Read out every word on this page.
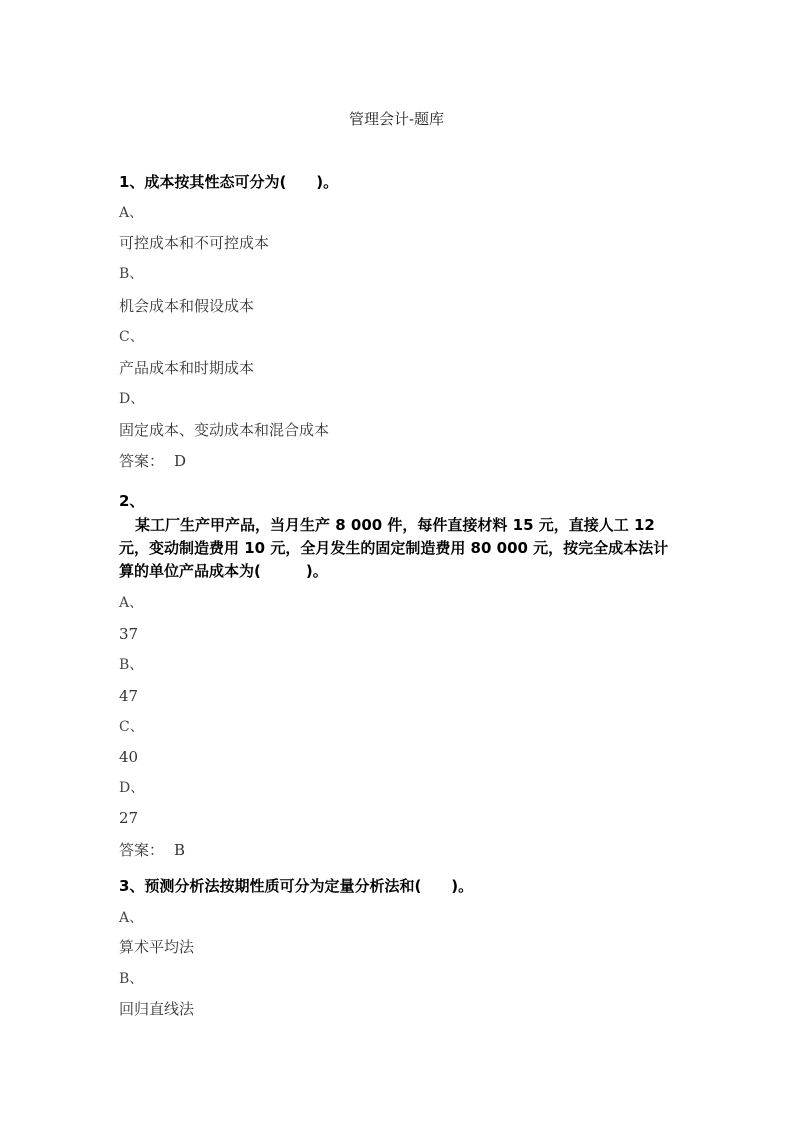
管理会计-题库
1、成本按其性态可分为(　　)。
A、
可控成本和不可控成本
B、
机会成本和假设成本
C、
产品成本和时期成本
D、
固定成本、变动成本和混合成本
答案： D
2、
某工厂生产甲产品，当月生产 8 000 件，每件直接材料 15 元，直接人工 12 元，变动制造费用 10 元，全月发生的固定制造费用 80 000 元，按完全成本法计算的单位产品成本为(　　　)。
A、
37
B、
47
C、
40
D、
27
答案： B
3、预测分析法按期性质可分为定量分析法和(　　)。
A、
算术平均法
B、
回归直线法
